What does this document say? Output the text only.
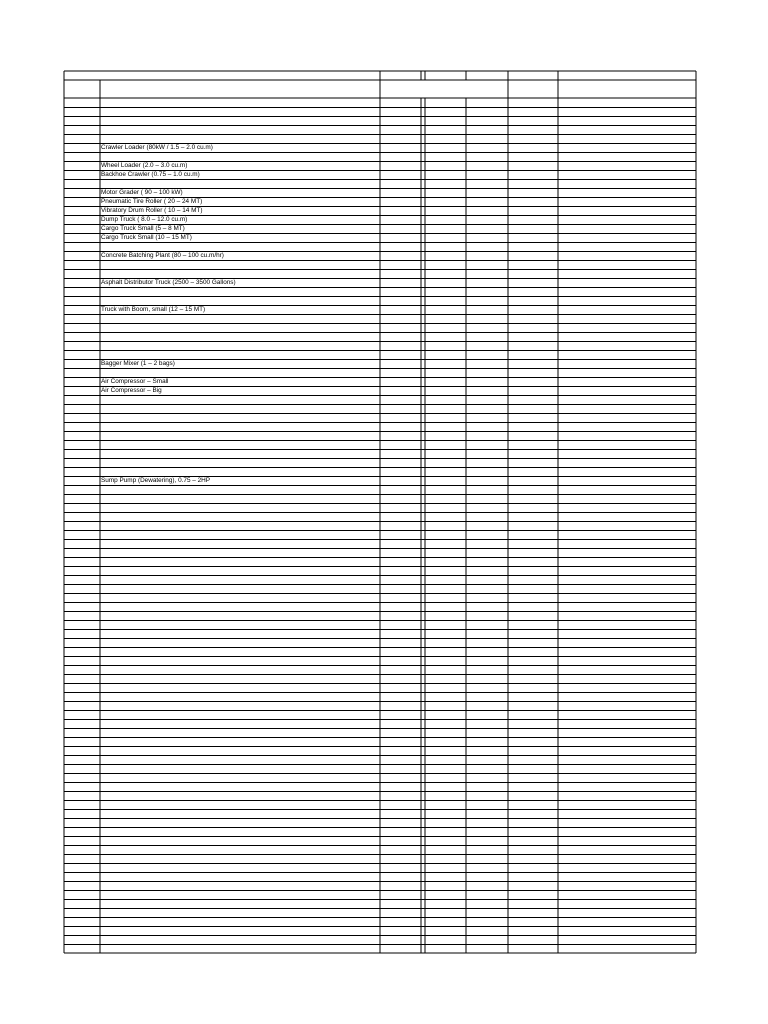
Crawler Loader (80kW / 1.5 – 2.0 cu.m)
Wheel Loader (2.0 – 3.0 cu.m)
Backhoe Crawler (0.75 – 1.0 cu.m)
Motor Grader ( 90 – 100 kW)
Pneumatic Tire Roller ( 20 – 24 MT)
Vibratory Drum Roller ( 10 – 14 MT)
Dump Truck ( 8.0 – 12.0 cu.m)
Cargo Truck Small (5 – 8 MT)
Cargo Truck Small (10 – 15 MT)
Concrete Batching Plant (80 – 100 cu.m/hr)
Asphalt Distributor Truck (2500 – 3500 Gallons)
Truck with Boom, small (12 – 15 MT)
Bagger Mixer (1 – 2 bags)
Air Compressor – Small
Air Compressor – Big
Sump Pump (Dewatering), 0.75 – 2HP
